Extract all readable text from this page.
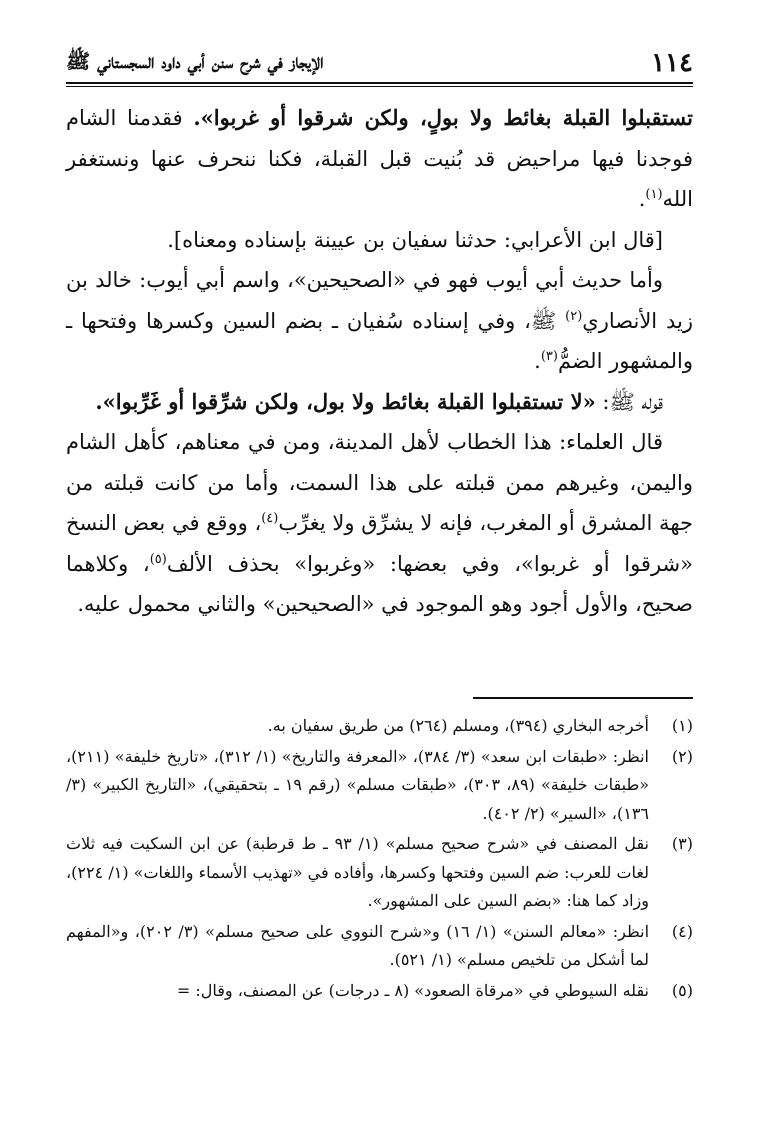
١١٤
الإيجاز في شرح سنن أبي داود السجستاني ﷺ

تستقبلوا القبلة بغائط ولا بولٍ، ولكن شرقوا أو غربوا». فقدمنا الشام فوجدنا فيها مراحيض قد بُنيت قبل القبلة، فكنا ننحرف عنها ونستغفر الله$^{(١)}$.

[قال ابن الأعرابي: حدثنا سفيان بن عيينة بإسناده ومعناه].

وأما حديث أبي أيوب فهو في «الصحيحين»، واسم أبي أيوب: خالد بن زيد الأنصاري$^{(٢)}$ ﷺ، وفي إسناده سُفيان ـ بضم السين وكسرها وفتحها ـ والمشهور الضمُّ$^{(٣)}$.

قوله ﷺ: «لا تستقبلوا القبلة بغائط ولا بول، ولكن شرِّقوا أو غَرِّبوا».

قال العلماء: هذا الخطاب لأهل المدينة، ومن في معناهم، كأهل الشام واليمن، وغيرهم ممن قبلته على هذا السمت، وأما من كانت قبلته من جهة المشرق أو المغرب، فإنه لا يشرِّق ولا يغرِّب$^{(٤)}$، ووقع في بعض النسخ «شرقوا أو غربوا»، وفي بعضها: «وغربوا» بحذف الألف$^{(٥)}$، وكلاهما صحيح، والأول أجود وهو الموجود في «الصحيحين» والثاني محمول عليه.

(١)
أخرجه البخاري (٣٩٤)، ومسلم (٢٦٤) من طريق سفيان به.
(٢)
انظر: «طبقات ابن سعد» (٣/ ٣٨٤)، «المعرفة والتاريخ» (١/ ٣١٢)، «تاريخ خليفة» (٢١١)، «طبقات خليفة» (٨٩، ٣٠٣)، «طبقات مسلم» (رقم ١٩ ـ بتحقيقي)، «التاريخ الكبير» (٣/ ١٣٦)، «السير» (٢/ ٤٠٢).
(٣)
نقل المصنف في «شرح صحيح مسلم» (١/ ٩٣ ـ ط قرطبة) عن ابن السكيت فيه ثلاث لغات للعرب: ضم السين وفتحها وكسرها، وأفاده في «تهذيب الأسماء واللغات» (١/ ٢٢٤)، وزاد كما هنا: «بضم السين على المشهور».
(٤)
انظر: «معالم السنن» (١/ ١٦) و«شرح النووي على صحيح مسلم» (٣/ ٢٠٢)، و«المفهم لما أشكل من تلخيص مسلم» (١/ ٥٢١).
(٥)
نقله السيوطي في «مرقاة الصعود» (٨ ـ درجات) عن المصنف، وقال: =
